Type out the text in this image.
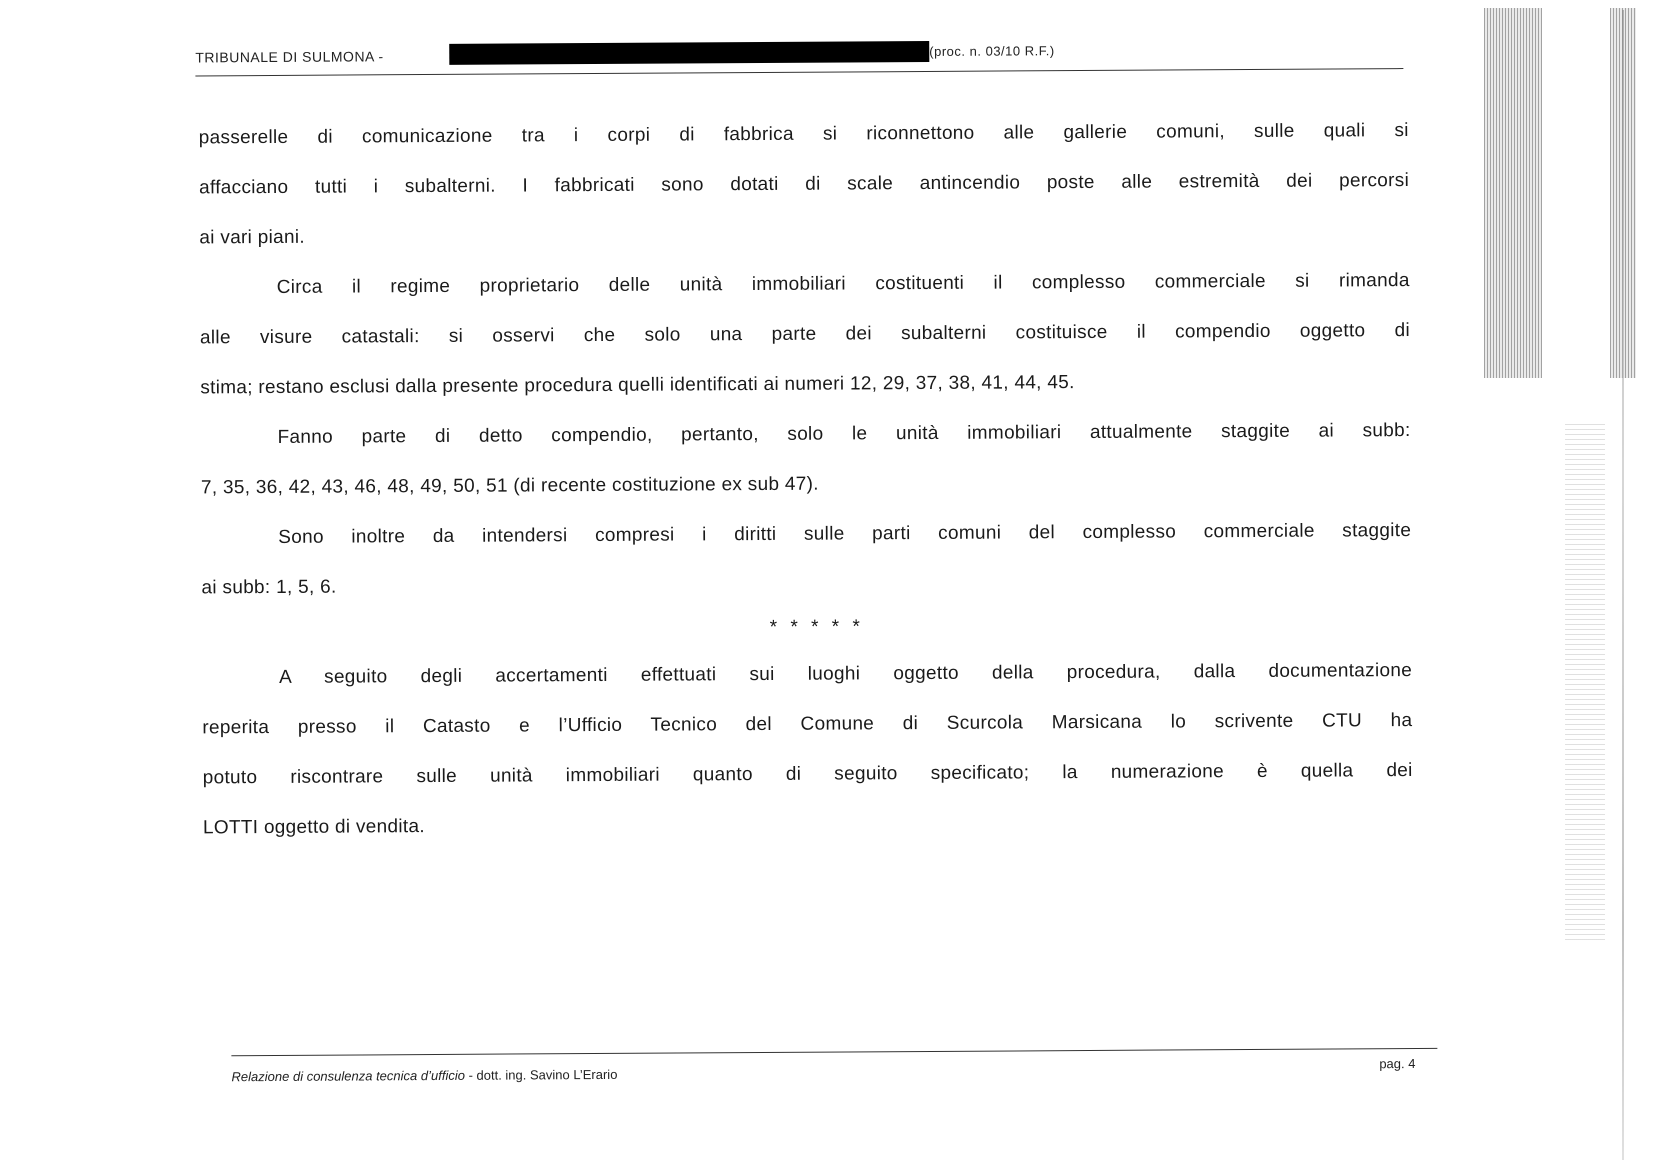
TRIBUNALE DI SULMONA -	(proc. n. 03/10 R.F.)
passerelle di comunicazione tra i corpi di fabbrica si riconnettono alle gallerie comuni, sulle quali si
affacciano tutti i subalterni. I fabbricati sono dotati di scale antincendio poste alle estremità dei percorsi
ai vari piani.
Circa il regime proprietario delle unità immobiliari costituenti il complesso commerciale si rimanda
alle visure catastali: si osservi che solo una parte dei subalterni costituisce il compendio oggetto di
stima; restano esclusi dalla presente procedura quelli identificati ai numeri 12, 29, 37, 38, 41, 44, 45.
Fanno parte di detto compendio, pertanto, solo le unità immobiliari attualmente staggite ai subb:
7, 35, 36, 42, 43, 46, 48, 49, 50, 51 (di recente costituzione ex sub 47).
Sono inoltre da intendersi compresi i diritti sulle parti comuni del complesso commerciale staggite
ai subb: 1, 5, 6.
* * * * *
A seguito degli accertamenti effettuati sui luoghi oggetto della procedura, dalla documentazione
reperita presso il Catasto e l’Ufficio Tecnico del Comune di Scurcola Marsicana lo scrivente CTU ha
potuto riscontrare sulle unità immobiliari quanto di seguito specificato; la numerazione è quella dei
LOTTI oggetto di vendita.
Relazione di consulenza tecnica d’ufficio - dott. ing. Savino L’Erario
pag. 4
